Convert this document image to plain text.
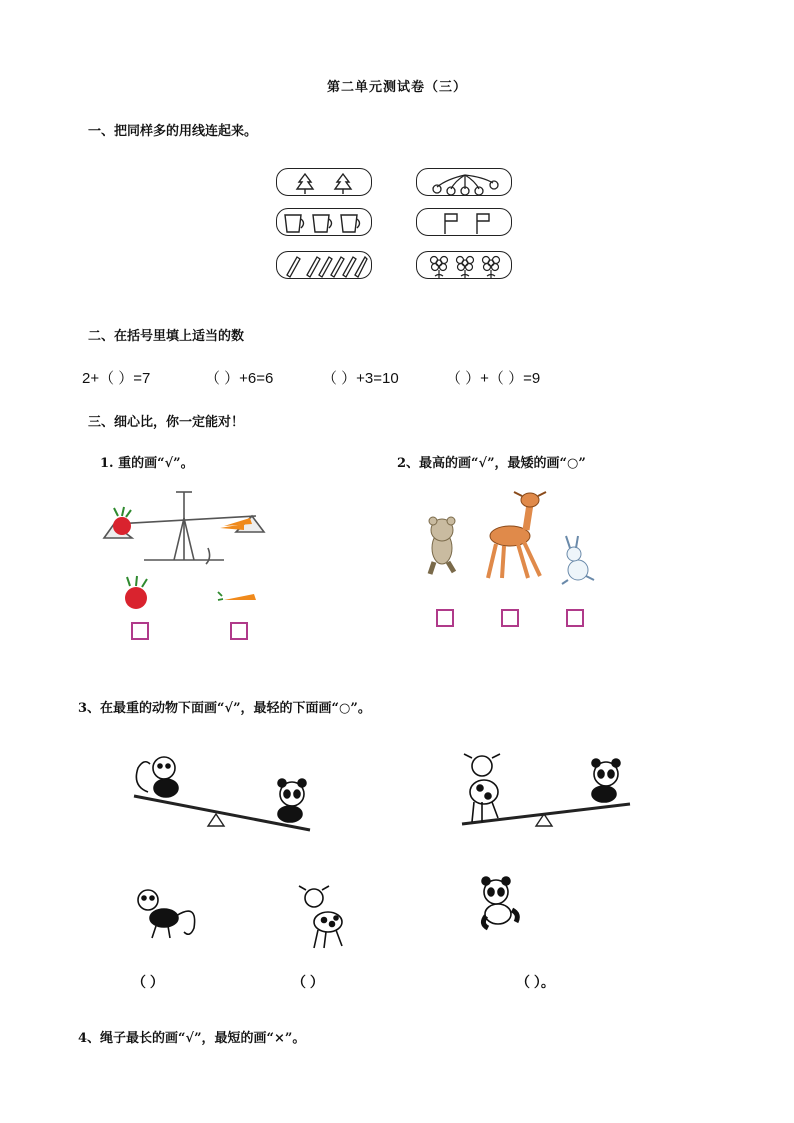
第二单元测试卷（三）
一、把同样多的用线连起来。
二、在括号里填上适当的数
2+（ ）=7	（ ）+6=6	（ ）+3=10	（ ）+（ ）=9
三、细心比，你一定能对！
1. 重的画“√”。	2、最高的画“√”，最矮的画“○”
3、在最重的动物下面画“√”，最轻的下面画“○”。
（ ）	（ ）	（ ）。
4、绳子最长的画“√”，最短的画“×”。
